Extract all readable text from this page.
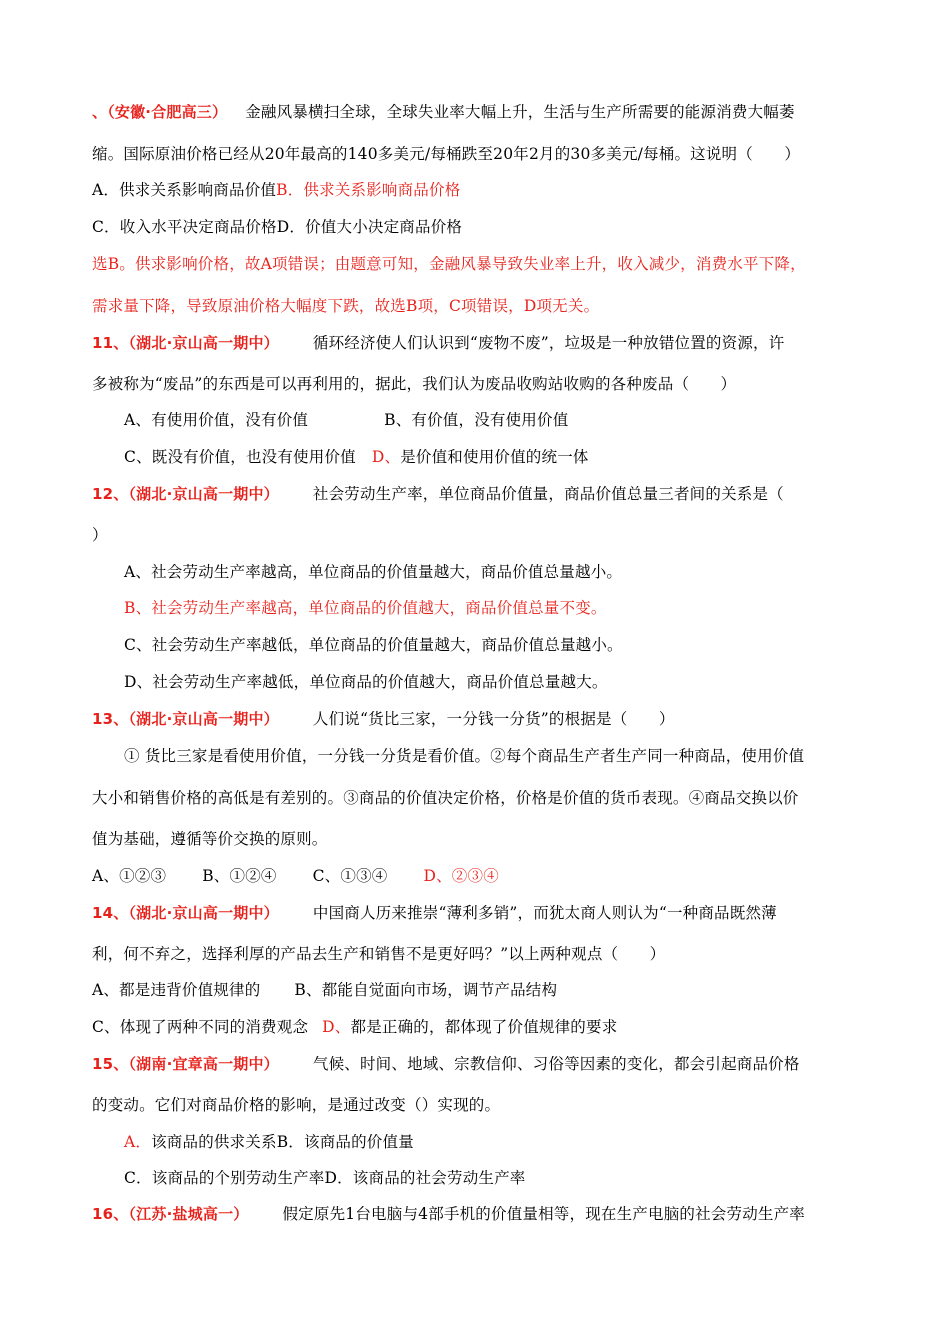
、（安徽·合肥高三） 金融风暴横扫全球，全球失业率大幅上升，生活与生产所需要的能源消费大幅萎
缩。国际原油价格已经从20年最高的140多美元/每桶跌至20年2月的30多美元/每桶。这说明（　　）
A．供求关系影响商品价值B．供求关系影响商品价格
C．收入水平决定商品价格D．价值大小决定商品价格
选B。供求影响价格，故A项错误；由题意可知，金融风暴导致失业率上升，收入减少，消费水平下降，
需求量下降，导致原油价格大幅度下跌，故选B项，C项错误，D项无关。
11、（湖北·京山高一期中） 循环经济使人们认识到“废物不废”，垃圾是一种放错位置的资源，许
多被称为“废品”的东西是可以再利用的，据此，我们认为废品收购站收购的各种废品（　　）
A、有使用价值，没有价值	B、有价值，没有使用价值
C、既没有价值，也没有使用价值 D、是价值和使用价值的统一体
12、（湖北·京山高一期中） 社会劳动生产率，单位商品价值量，商品价值总量三者间的关系是（
）
A、社会劳动生产率越高，单位商品的价值量越大，商品价值总量越小。
B、社会劳动生产率越高，单位商品的价值越大，商品价值总量不变。
C、社会劳动生产率越低，单位商品的价值量越大，商品价值总量越小。
D、社会劳动生产率越低，单位商品的价值越大，商品价值总量越大。
13、（湖北·京山高一期中） 人们说“货比三家，一分钱一分货”的根据是（　　）
① 货比三家是看使用价值，一分钱一分货是看价值。②每个商品生产者生产同一种商品，使用价值
大小和销售价格的高低是有差别的。③商品的价值决定价格，价格是价值的货币表现。④商品交换以价
值为基础，遵循等价交换的原则。
A、①②③ B、①②④ C、①③④ D、②③④
14、（湖北·京山高一期中） 中国商人历来推崇“薄利多销”，而犹太商人则认为“一种商品既然薄
利，何不弃之，选择利厚的产品去生产和销售不是更好吗？”以上两种观点（　　）
A、都是违背价值规律的 B、都能自觉面向市场，调节产品结构
C、体现了两种不同的消费观念 D、都是正确的，都体现了价值规律的要求
15、（湖南·宜章高一期中） 气候、时间、地域、宗教信仰、习俗等因素的变化，都会引起商品价格
的变动。它们对商品价格的影响，是通过改变（）实现的。
A．该商品的供求关系B．该商品的价值量
C．该商品的个别劳动生产率D．该商品的社会劳动生产率
16、（江苏·盐城高一） 假定原先1台电脑与4部手机的价值量相等，现在生产电脑的社会劳动生产率
